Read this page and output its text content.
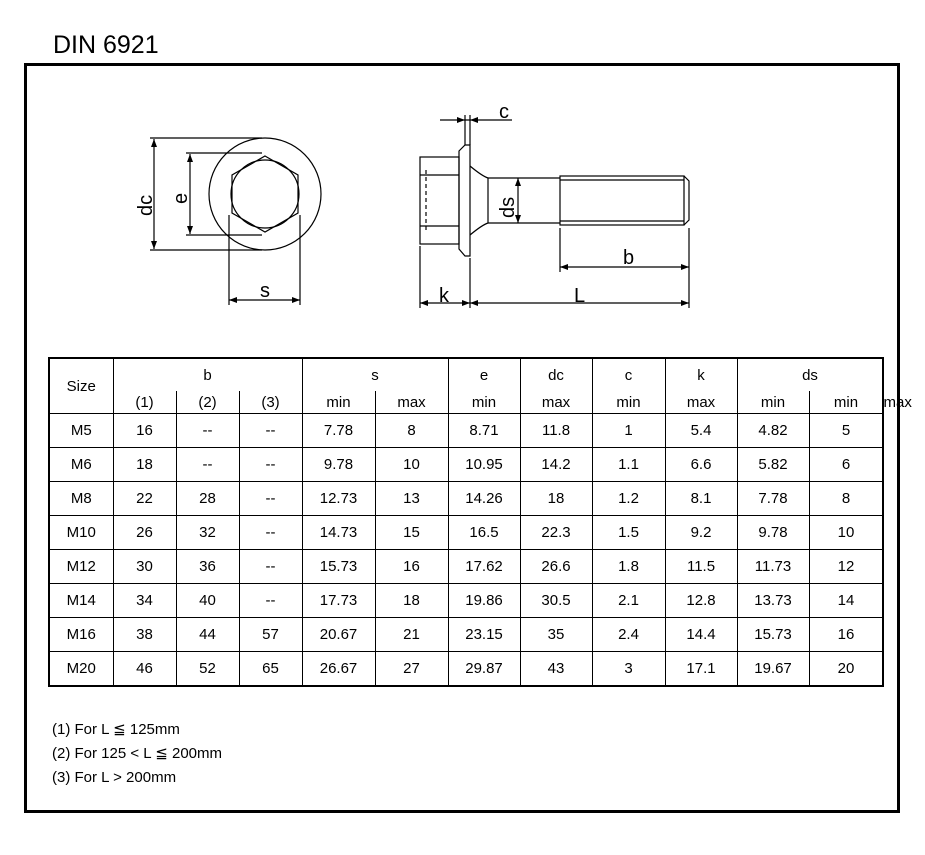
DIN 6921
dc e
s
c
ds
b
k	L
Size	b			s		e	dc	c	k	ds		
	(1)	(2)	(3)	min	max	min	max	min	max	min	min	max
M5	16	--	--	7.78	8	8.71	11.8	1	5.4	4.82	5	
M6	18	--	--	9.78	10	10.95	14.2	1.1	6.6	5.82	6	
M8	22	28	--	12.73	13	14.26	18	1.2	8.1	7.78	8	
M10	26	32	--	14.73	15	16.5	22.3	1.5	9.2	9.78	10	
M12	30	36	--	15.73	16	17.62	26.6	1.8	11.5	11.73	12	
M14	34	40	--	17.73	18	19.86	30.5	2.1	12.8	13.73	14	
M16	38	44	57	20.67	21	23.15	35	2.4	14.4	15.73	16	
M20	46	52	65	26.67	27	29.87	43	3	17.1	19.67	20	
(1) For L ≦ 125mm
(2) For 125 < L ≦ 200mm
(3) For L > 200mm
